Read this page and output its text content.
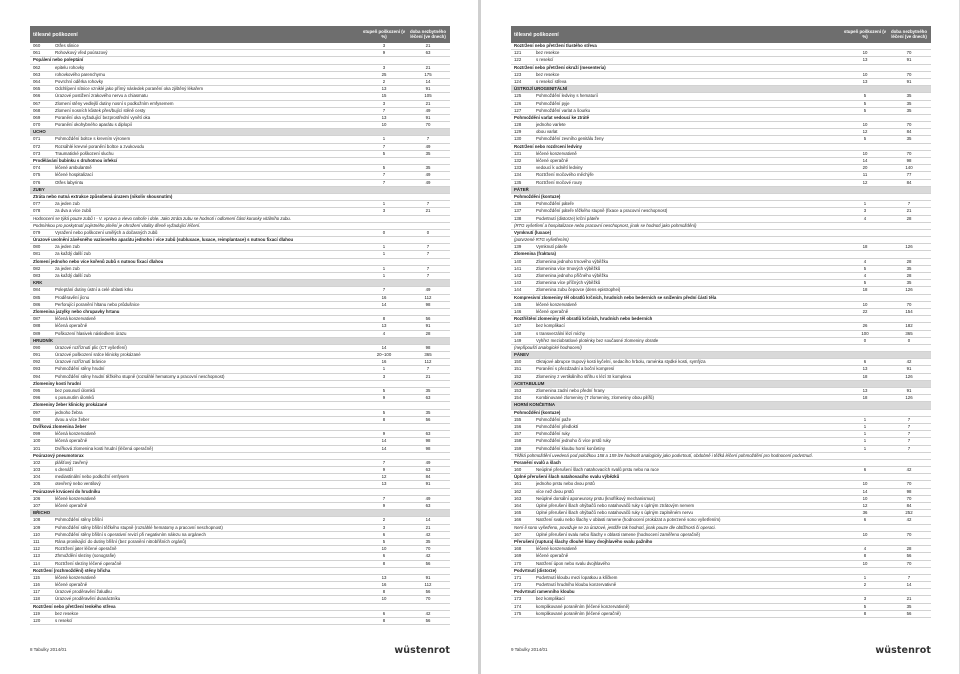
tělesné poškození
stupeň poškození (v %)
doba nezbytného léčení (ve dnech)
060	Otřes slinice	3	21
061	Rohovkový vřed poúrazový	9	63
Popálení nebo poleptání
062	epitelu rohovky	3	21
063	rohovkového parenchymu	25	175
064	Povrchní oděrka rohovky	2	14
065	Odchlípení sítnice vzniklé jako přímý následek poranění oka zjištěný lékařem	13	91
066	Úrazové postižení zrakového nervu a chiasmatu	15	105
067	Zlomení stěny vedlejší dutiny nosní s podkožním emfysemem	3	21
068	Zlomení nosních kůstek přes/bující stěně cesty	7	49
069	Poranění oka vyžadující bezprostřední vynětí oka	13	91
070	Poranění okohybného aparátu s diplopií	10	70
UCHO
071	Pohmoždění boltce s krevním výronem	1	7
072	Rozsáhlé krevné poranění boltce a zvukovodu	7	49
073	Traumatické poškození sluchu	5	35
Prodělávání bubínku s druhotnou infekcí
074	léčené ambulantně	5	35
075	léčené hospitalizací	7	49
076	Otřes labyrintu	7	49
ZUBY
Ztráta nebo nutná extrakce způsobená úrazem (nikoliv skousnutím)
077	za jeden zub	1	7
078	za dva a více zubů	3	21
Hodnocení se týká pouze zubů I - V. vpravo a vlevo nahoře i dole. Jako ztráta zubu se hodnotí i odlomení části korunky vitálního zubu.
Podmínkou pro poskytnutí pojistného plnění je ohrožení vitality dřeně vyžadující léčení.
079	Vyražení nebo poškození umělých a dočasných zubů	0	0
Úrazové uvolnění závěsného vazivového aparátu jednoho i více zubů (subluxace, luxace, reimplantace) s nutnou fixací dlahou
080	za jeden zub	1	7
081	za každý další zub	1	7
Zlomení jednoho nebo více kořenů zubů s nutnou fixací dlahou
082	za jeden zub	1	7
083	za každý další zub	1	7
KRK
084	Poleptání dutiny ústní a celé oblasti krku	7	49
085	Proděravění jícnu	16	112
086	Perforující poranění hltanu nebo průdušnice	14	98
Zlomenina jazylky nebo chrupavky hrtanu
087	léčená konzervativně	8	56
088	léčená operačně	13	91
089	Poškození hlasivek následkem úrazu	4	28
HRUDNÍK
090	Úrazové rozříznutí plic (CT vyšetření)	14	98
091	Úrazové poškození srdce klinicky prokázané	20–100	365
092	Úrazové rozříznutí bránice	16	112
093	Pohmoždění stěny hrudní	1	7
094	Pohmoždění stěny hrudní těžkého stupně (rozsáhlé hematomy a pracovní neschopnost)	3	21
Zlomeniny kosti hrudní
095	bez posunutí úlomků	5	35
096	s posunutím úlomků	9	63
Zlomeniny žeber klinicky prokázané
097	jednoho žebra	5	35
098	dvou a více žeber	8	56
Dvířková zlomenina žeber
099	léčená konzervativně	9	63
100	léčená operačně	14	98
101	Dvířková zlomenina kosti hrudní (léčená operačně)	14	98
Poúrazový pneumotorax
102	plášťový zavřený	7	49
103	s drenáží	9	63
104	mediastinální nebo podkožní emfysem	12	84
105	otevřený nebo ventilový	13	91
Poúrazové krvácení do hrudníku
106	léčené konzervativně	7	49
107	léčené operačně	9	63
BŘICHO
108	Pohmoždění stěny břišní	2	14
109	Pohmoždění stěny břišní těžkého stupně (rozsáhlé hematomy a pracovní neschopnost)	3	21
110	Pohmoždění stěny břišní s operativní revizí při negativním nálezu na orgánech	6	42
111	Rána pronikající do dutiny břišní (bez poranění nitrobřišních orgánů)	5	35
112	Roztržení jater léčené operačně	10	70
113	Zhmoždění sleziny (sonografie)	6	42
114	Roztržení sleziny léčené operačně	8	56
Roztržení (rozhmoždění) stěny břicha
115	léčené konzervativně	13	91
116	léčené operačně	16	112
117	Úrazové proděravění žaludku	8	56
118	Úrazové proděravění dvanáctníku	10	70
Roztržení nebo přetržení tenkého střeva
119	bez resekce	6	42
120	s resekcí	8	56
8 Tabulky 2014/01	wüstenrot
tělesné poškození
stupeň poškození (v %)
doba nezbytného léčení (ve dnech)
Roztržení nebo přetržení tlustého střeva
121	bez resekce	10	70
122	s resekcí	13	91
Roztržení nebo přetržení okruží (mesenteria)
123	bez resekce	10	70
124	s resekcí střeva	13	91
ÚSTROJÍ UROGENITÁLNÍ
125	Pohmoždění ledviny s hematurií	5	35
126	Pohmoždění pyje	5	35
127	Pohmoždění varlat a šourku	5	35
Pohmoždění varlat vedoucí ke ztrátě
128	jednoho varlete	10	70
129	obou varlat	12	84
130	Pohmoždění zevního genitálu ženy	5	35
Roztržení nebo rozdrcení ledviny
131	léčené konzervativně	10	70
132	léčené operačně	14	98
133	vedoucí k odnětí ledviny	20	140
134	Roztržení močového měchýře	11	77
135	Roztržení močové roury	12	84
PÁTEŘ
Pohmoždění (kontuze)
136	Pohmoždění páteře	1	7
137	Pohmoždění páteře těžkého stupně (fixace a pracovní neschopnost)	3	21
138	Podvrtnutí (distorze) krční páteře	4	28
(RTG vyšetření a hospitalizace nebo pracovní neschopnost, jinak se hodnotí jako pohmoždění)
Vymknutí (luxace)
(potvrzené RTG vyšetřením)
139	Vymknutí páteře	18	126
Zlomenina (fraktura)
140	Zlomenina jednoho trnového výběžku	4	28
141	Zlomenina více trnových výběžků	5	35
142	Zlomenina jednoho příčného výběžku	4	28
143	Zlomenina více příčných výběžků	5	35
144	Zlomenina zubu čepovce (dens epistrophei)	18	126
Kompresivní zlomeniny těl obratlů krčních, hrudních nebo bederních se snížením přední části těla
145	léčené konzervativně	10	70
146	léčené operačně	22	154
Roztříštění zlomeniny těl obratlů krčních, hrudních nebo bederních
147	bez komplikací	26	182
148	s transverzální lézí míchy	100	365
149	Vyhřez meziobratlové ploténky bez současné zlomeniny obratle	0	0
(nepřipouští analogické hodnocení)
PÁNEV
150	Okrajové abrupce trupový kosti kyčelní, sedacího hrbolu, raménka stydké kosti, symfýza	6	42
151	Poranění s přezdzadní a boční kompresí	13	91
152	Zlomeniny z vertikálního střihu s lézí SI komplexu	18	126
ACETABULUM
153	Zlomenina zadní nebo přední hrany	13	91
154	Kombinované zlomeniny (T zlomeniny, zlomeniny obou pilířů)	18	126
HORNÍ KONČETINA
Pohmoždění (kontuze)
155	Pohmoždění paže	1	7
156	Pohmoždění předloktí	1	7
157	Pohmoždění ruky	1	7
158	Pohmoždění jednoho či více prstů ruky	1	7
159	Pohmoždění kloubu horní končetiny	1	7
Těžká pohmoždění uvedená pod položkou 158 a 159 lze hodnotit analogicky jako podvrtnutí, obdobně i těžká léčení pohmoždění pro hodnocení podvrtnutí.
Poranění svalů a šlach
160	Neúplné přerušení šlach natahovacích svalů prstu nebo na ruce	6	42
Úplné přerušení šlach natahovacího svalu výbězků
161	jednoho prstu nebo dvou prstů	10	70
162	více než dvou prstů	14	98
163	Neúplné dorsální aponeurosy prstu (knoflíkový mechanismus)	10	70
164	Úplné přerušení šlach ohýbačů nebo natahovačů ruky s úplným ztrátovým nervem	12	84
165	Úplné přerušení šlach ohýbačů nebo natahovačů ruky s úplným zaplněném nervu	36	252
166	Natržení svalu nebo šlachy v oblasti ramene (hodnocení prokázat a potvrzené sono vyšetřením)	6	42
Není-li sono vyšetřeno, považuje se za úrazové, jestliže tak hodnotí, jinak pouze dle obtížnosti či operaci.
167	Úplné přerušení svalu nebo šlachy v oblasti ramene (hodnocení zaměřeno operačně)	10	70
Přerušení (ruptura) šlachy dlouhé hlavy dvojhlavého svalu pažního
168	léčené konzervativně	4	28
169	léčené operačně	8	56
170	Natržení úpon nebo svalu dvojhlavého	10	70
Podvrtnutí (distorze)
171	Podvrtnutí kloubu mezi lopatkou a klíčkem	1	7
172	Podvrtnutí hrudního kloubu konzervativně	2	14
Podvrtnutí ramenního kloubu
173	bez komplikací	3	21
174	komplikované poraněním (léčené konzervativně)	5	35
175	komplikované poraněním (léčené operačně)	8	56
9 Tabulky 2014/01	wüstenrot
